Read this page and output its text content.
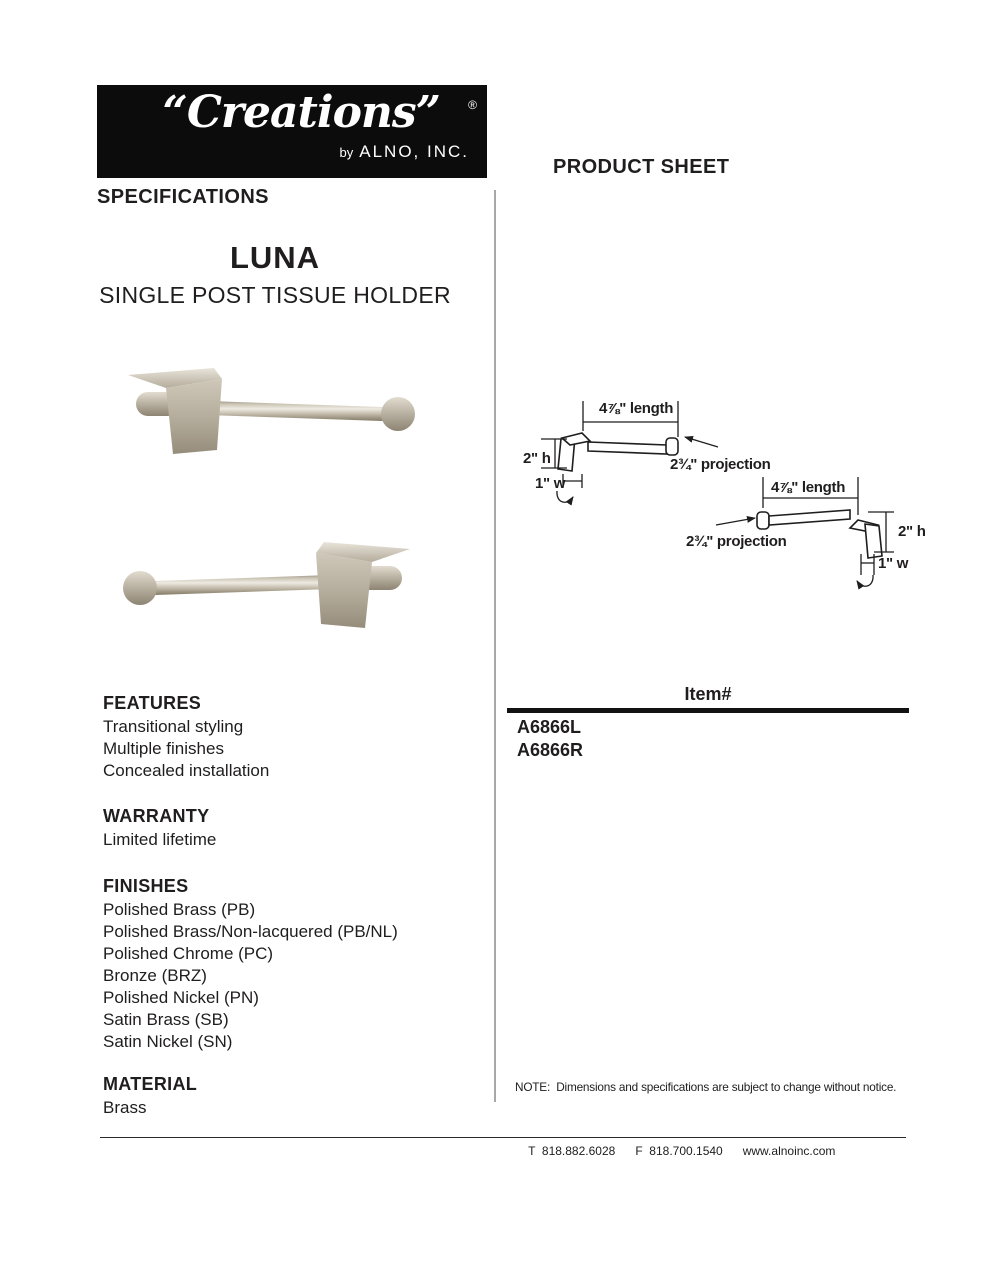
“Creations” ®
by ALNO, INC.
SPECIFICATIONS
PRODUCT SHEET
LUNA
SINGLE POST TISSUE HOLDER
4⅞" length
2" h
1" w
2¾" projection
4⅞" length
2" h
1" w
2¾" projection
Item#
A6866L
A6866R
FEATURES
Transitional styling
Multiple finishes
Concealed installation
WARRANTY
Limited lifetime
FINISHES
Polished Brass (PB)
Polished Brass/Non-lacquered (PB/NL)
Polished Chrome (PC)
Bronze (BRZ)
Polished Nickel (PN)
Satin Brass (SB)
Satin Nickel (SN)
MATERIAL
Brass
NOTE:  Dimensions and specifications are subject to change without notice.

T  818.882.6028 F  818.700.1540 www.alnoinc.com
